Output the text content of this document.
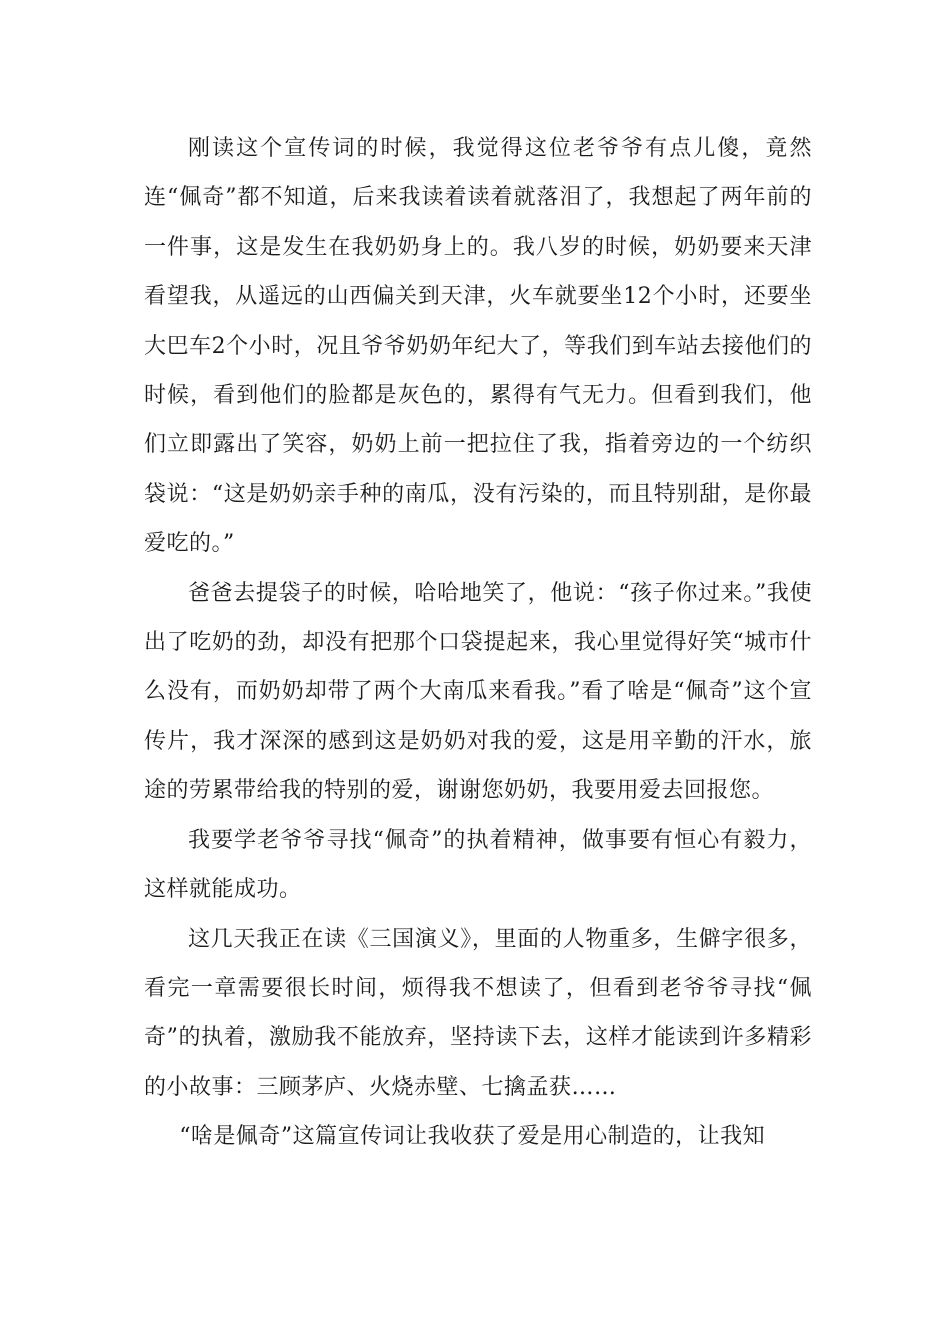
刚读这个宣传词的时候，我觉得这位老爷爷有点儿傻，竟然连“佩奇”都不知道，后来我读着读着就落泪了，我想起了两年前的一件事，这是发生在我奶奶身上的。我八岁的时候，奶奶要来天津看望我，从遥远的山西偏关到天津，火车就要坐12个小时，还要坐大巴车2个小时，况且爷爷奶奶年纪大了，等我们到车站去接他们的时候，看到他们的脸都是灰色的，累得有气无力。但看到我们，他们立即露出了笑容，奶奶上前一把拉住了我，指着旁边的一个纺织袋说：“这是奶奶亲手种的南瓜，没有污染的，而且特别甜，是你最爱吃的。”

爸爸去提袋子的时候，哈哈地笑了，他说：“孩子你过来。”我使出了吃奶的劲，却没有把那个口袋提起来，我心里觉得好笑“城市什么没有，而奶奶却带了两个大南瓜来看我。”看了啥是“佩奇”这个宣传片，我才深深的感到这是奶奶对我的爱，这是用辛勤的汗水，旅途的劳累带给我的特别的爱，谢谢您奶奶，我要用爱去回报您。

我要学老爷爷寻找“佩奇”的执着精神，做事要有恒心有毅力，这样就能成功。

这几天我正在读《三国演义》，里面的人物重多，生僻字很多，看完一章需要很长时间，烦得我不想读了，但看到老爷爷寻找“佩奇”的执着，激励我不能放弃，坚持读下去，这样才能读到许多精彩的小故事：三顾茅庐、火烧赤壁、七擒孟获……

“啥是佩奇”这篇宣传词让我收获了爱是用心制造的，让我知
